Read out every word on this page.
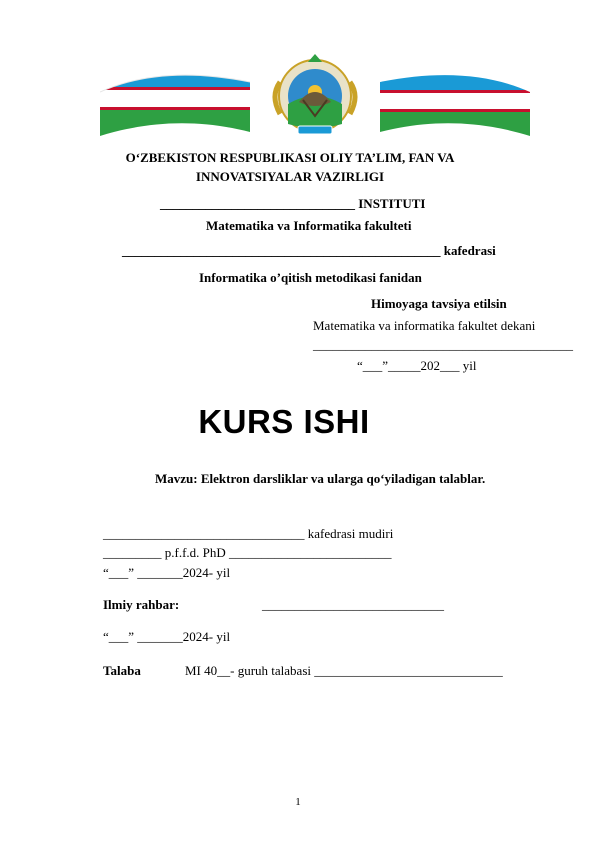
O‘ZBEKISTON RESPUBLIKASI OLIY TA’LIM, FAN VA
INNOVATSIYALAR VAZIRLIGI
______________________________ INSTITUTI
Matematika va Informatika fakulteti
_________________________________________________ kafedrasi
Informatika o’qitish metodikasi fanidan
Himoyaga tavsiya etilsin
Matematika va informatika fakultet dekani
________________________________________
“___”_____202___ yil
KURS ISHI
Mavzu: Elektron darsliklar va ularga qo‘yiladigan talablar.
_______________________________ kafedrasi mudiri
_________ p.f.f.d. PhD _________________________
“___” _______2024- yil
Ilmiy rahbar:	____________________________
“___” _______2024- yil
Talaba	MI 40__- guruh talabasi _____________________________
1
